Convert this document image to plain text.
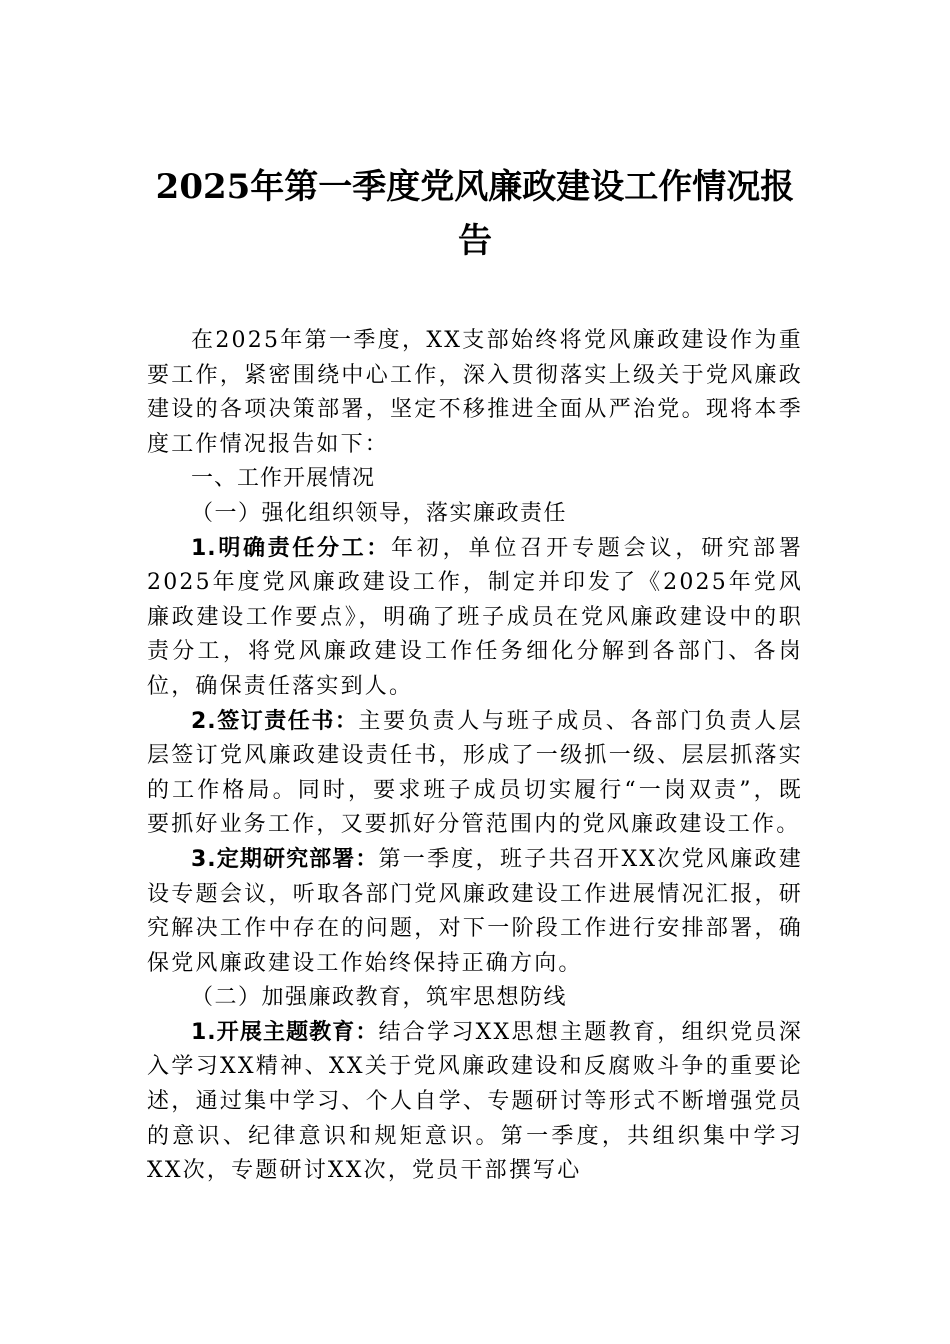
2025年第一季度党风廉政建设工作情况报
告

在2025年第一季度，XX支部始终将党风廉政建设作为重要工作，紧密围绕中心工作，深入贯彻落实上级关于党风廉政建设的各项决策部署，坚定不移推进全面从严治党。现将本季度工作情况报告如下：

一、工作开展情况

（一）强化组织领导，落实廉政责任

1.明确责任分工：年初，单位召开专题会议，研究部署2025年度党风廉政建设工作，制定并印发了《2025年党风廉政建设工作要点》，明确了班子成员在党风廉政建设中的职责分工，将党风廉政建设工作任务细化分解到各部门、各岗位，确保责任落实到人。

2.签订责任书：主要负责人与班子成员、各部门负责人层层签订党风廉政建设责任书，形成了一级抓一级、层层抓落实的工作格局。同时，要求班子成员切实履行“一岗双责”，既要抓好业务工作，又要抓好分管范围内的党风廉政建设工作。

3.定期研究部署：第一季度，班子共召开XX次党风廉政建设专题会议，听取各部门党风廉政建设工作进展情况汇报，研究解决工作中存在的问题，对下一阶段工作进行安排部署，确保党风廉政建设工作始终保持正确方向。

（二）加强廉政教育，筑牢思想防线

1.开展主题教育：结合学习XX思想主题教育，组织党员深入学习XX精神、XX关于党风廉政建设和反腐败斗争的重要论述，通过集中学习、个人自学、专题研讨等形式不断增强党员的意识、纪律意识和规矩意识。第一季度，共组织集中学习XX次，专题研讨XX次，党员干部撰写心
